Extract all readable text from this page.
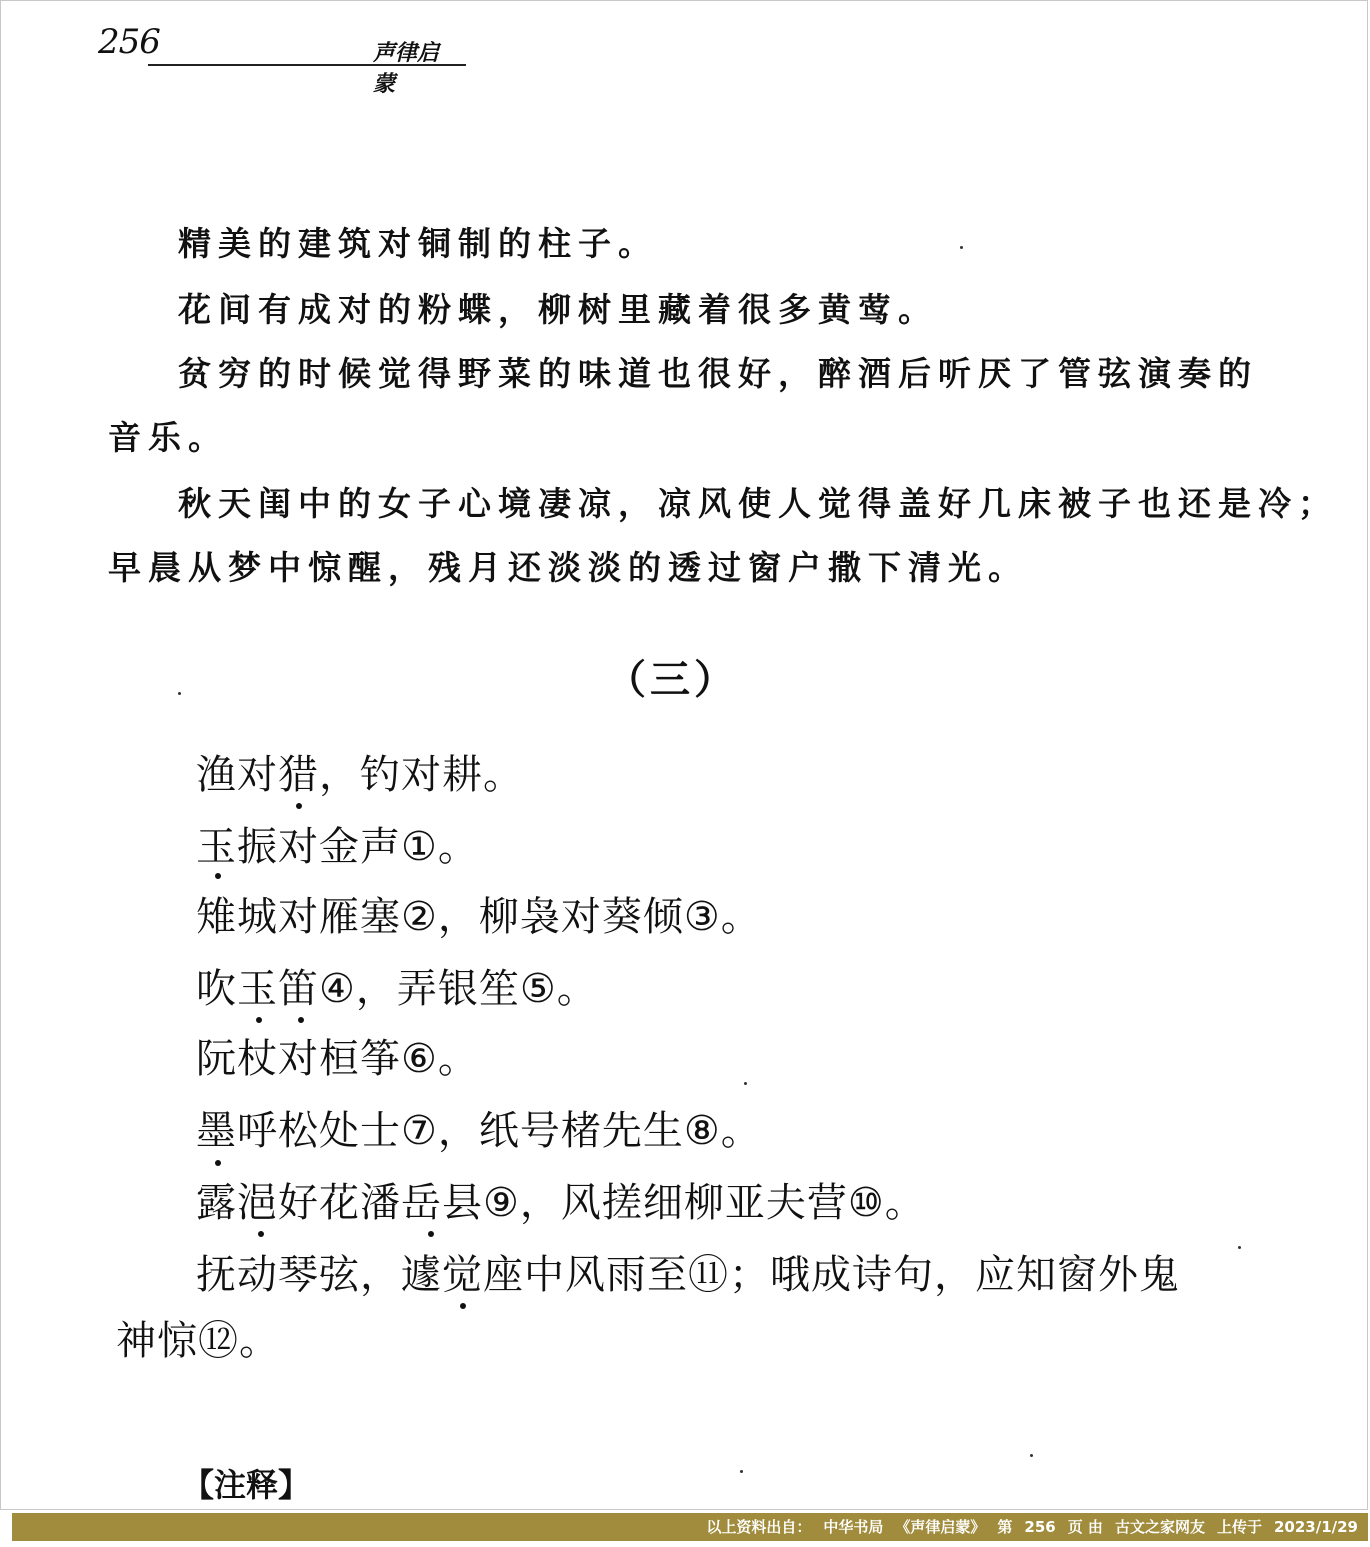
256	声律启蒙
精美的建筑对铜制的柱子。
花间有成对的粉蝶，柳树里藏着很多黄莺。
贫穷的时候觉得野菜的味道也很好，醉酒后听厌了管弦演奏的
音乐。
秋天闺中的女子心境凄凉，凉风使人觉得盖好几床被子也还是冷；
早晨从梦中惊醒，残月还淡淡的透过窗户撒下清光。
（三）
渔对猎，钓对耕。
玉振对金声①。
雉城对雁塞②，柳袅对葵倾③。
吹玉笛④，弄银笙⑤。
阮杖对桓筝⑥。
墨呼松处士⑦，纸号楮先生⑧。
露浥好花潘岳县⑨，风搓细柳亚夫营⑩。
抚动琴弦，遽觉座中风雨至⑪；哦成诗句，应知窗外鬼
神惊⑫。
【注释】
以上资料出自： 中华书局 《声律启蒙》 第 256 页 由 古文之家网友 上传于 2023/1/29
